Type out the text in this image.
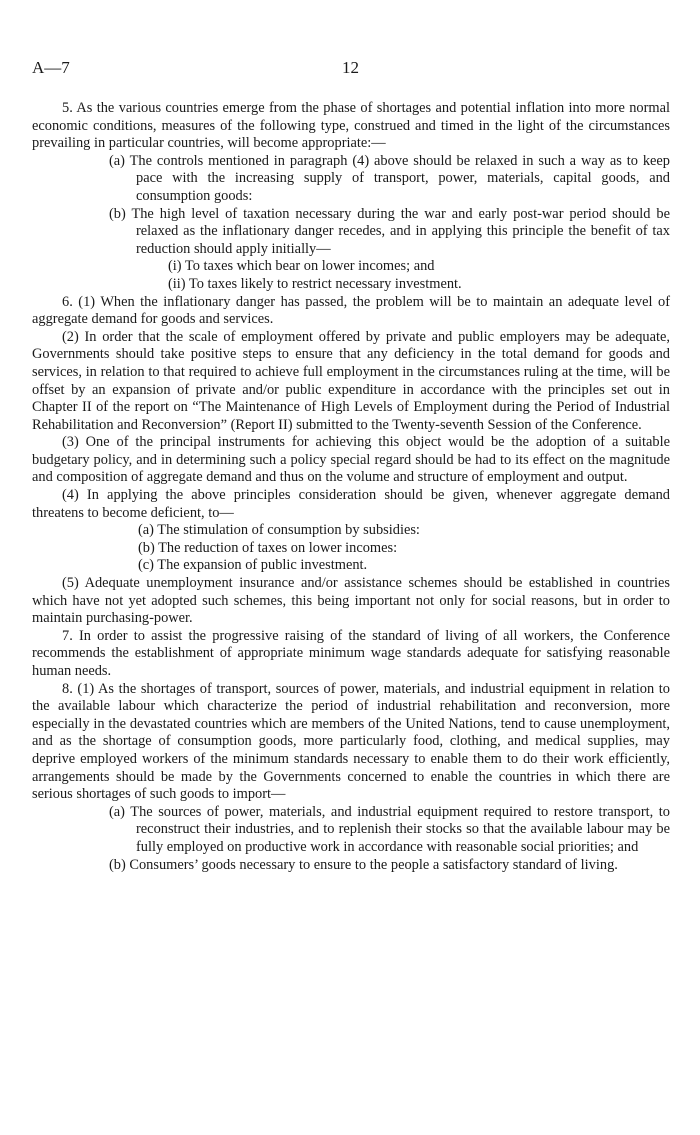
A—7	12

5. As the various countries emerge from the phase of shortages and potential inflation into more normal economic conditions, measures of the following type, construed and timed in the light of the circumstances prevailing in particular countries, will become appropriate:—

(a) The controls mentioned in paragraph (4) above should be relaxed in such a way as to keep pace with the increasing supply of transport, power, materials, capital goods, and consumption goods:

(b) The high level of taxation necessary during the war and early post-war period should be relaxed as the inflationary danger recedes, and in applying this principle the benefit of tax reduction should apply initially—

(i) To taxes which bear on lower incomes; and

(ii) To taxes likely to restrict necessary investment.

6. (1) When the inflationary danger has passed, the problem will be to maintain an adequate level of aggregate demand for goods and services.

(2) In order that the scale of employment offered by private and public employers may be adequate, Governments should take positive steps to ensure that any deficiency in the total demand for goods and services, in relation to that required to achieve full employment in the circumstances ruling at the time, will be offset by an expansion of private and/or public expenditure in accordance with the principles set out in Chapter II of the report on “The Maintenance of High Levels of Employment during the Period of Industrial Rehabilitation and Reconversion” (Report II) submitted to the Twenty-seventh Session of the Conference.

(3) One of the principal instruments for achieving this object would be the adoption of a suitable budgetary policy, and in determining such a policy special regard should be had to its effect on the magnitude and composition of aggregate demand and thus on the volume and structure of employment and output.

(4) In applying the above principles consideration should be given, whenever aggregate demand threatens to become deficient, to—

(a) The stimulation of consumption by subsidies:

(b) The reduction of taxes on lower incomes:

(c) The expansion of public investment.

(5) Adequate unemployment insurance and/or assistance schemes should be established in countries which have not yet adopted such schemes, this being important not only for social reasons, but in order to maintain purchasing-power.

7. In order to assist the progressive raising of the standard of living of all workers, the Conference recommends the establishment of appropriate minimum wage standards adequate for satisfying reasonable human needs.

8. (1) As the shortages of transport, sources of power, materials, and industrial equipment in relation to the available labour which characterize the period of industrial rehabilitation and reconversion, more especially in the devastated countries which are members of the United Nations, tend to cause unemployment, and as the shortage of consumption goods, more particularly food, clothing, and medical supplies, may deprive employed workers of the minimum standards necessary to enable them to do their work efficiently, arrangements should be made by the Governments concerned to enable the countries in which there are serious shortages of such goods to import—

(a) The sources of power, materials, and industrial equipment required to restore transport, to reconstruct their industries, and to replenish their stocks so that the available labour may be fully employed on productive work in accordance with reasonable social priorities; and

(b) Consumers’ goods necessary to ensure to the people a satisfactory standard of living.
